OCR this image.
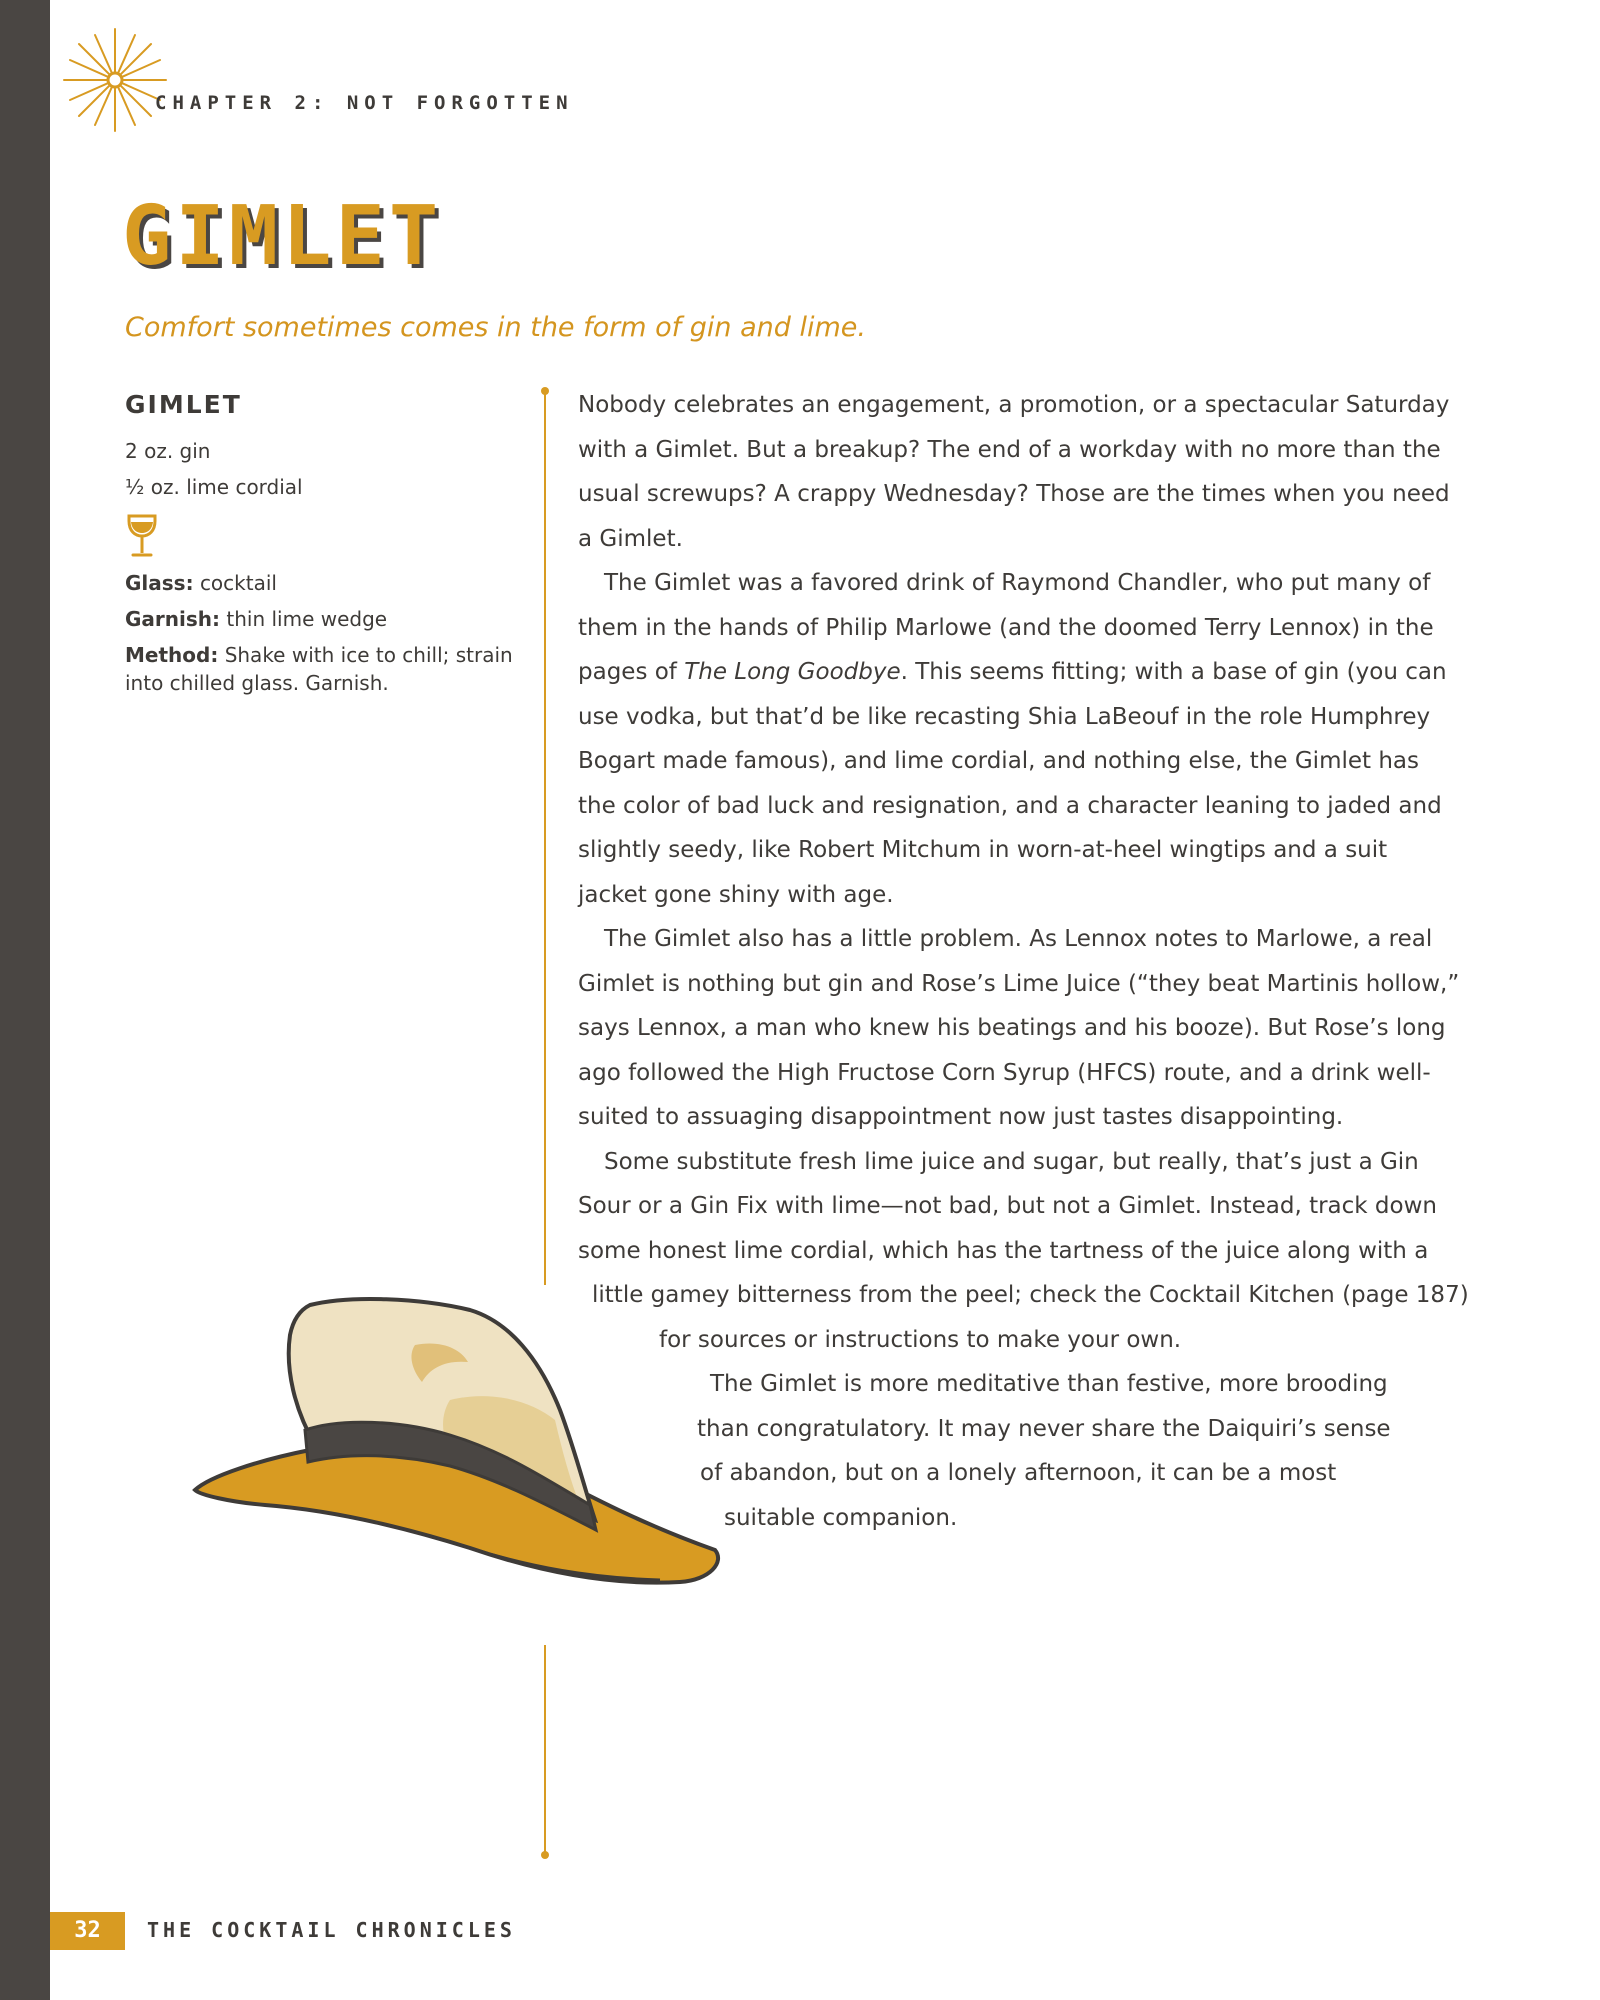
CHAPTER 2: NOT FORGOTTEN

GIMLET

Comfort sometimes comes in the form of gin and lime.

GIMLET

2 oz. gin

½ oz. lime cordial

Glass: cocktail

Garnish: thin lime wedge

Method: Shake with ice to chill; strain into chilled glass. Garnish.

Nobody celebrates an engagement, a promotion, or a spectacular Saturday
with a Gimlet. But a breakup? The end of a workday with no more than the
usual screwups? A crappy Wednesday? Those are the times when you need
a Gimlet.
The Gimlet was a favored drink of Raymond Chandler, who put many of
them in the hands of Philip Marlowe (and the doomed Terry Lennox) in the
pages of The Long Goodbye. This seems fitting; with a base of gin (you can
use vodka, but that’d be like recasting Shia LaBeouf in the role Humphrey
Bogart made famous), and lime cordial, and nothing else, the Gimlet has
the color of bad luck and resignation, and a character leaning to jaded and
slightly seedy, like Robert Mitchum in worn-at-heel wingtips and a suit
jacket gone shiny with age.
The Gimlet also has a little problem. As Lennox notes to Marlowe, a real
Gimlet is nothing but gin and Rose’s Lime Juice (“they beat Martinis hollow,”
says Lennox, a man who knew his beatings and his booze). But Rose’s long
ago followed the High Fructose Corn Syrup (HFCS) route, and a drink well-
suited to assuaging disappointment now just tastes disappointing.
Some substitute fresh lime juice and sugar, but really, that’s just a Gin
Sour or a Gin Fix with lime—not bad, but not a Gimlet. Instead, track down
some honest lime cordial, which has the tartness of the juice along with a
little gamey bitterness from the peel; check the Cocktail Kitchen (page 187)
for sources or instructions to make your own.
The Gimlet is more meditative than festive, more brooding
than congratulatory. It may never share the Daiquiri’s sense
of abandon, but on a lonely afternoon, it can be a most
suitable companion.
32	THE COCKTAIL CHRONICLES
